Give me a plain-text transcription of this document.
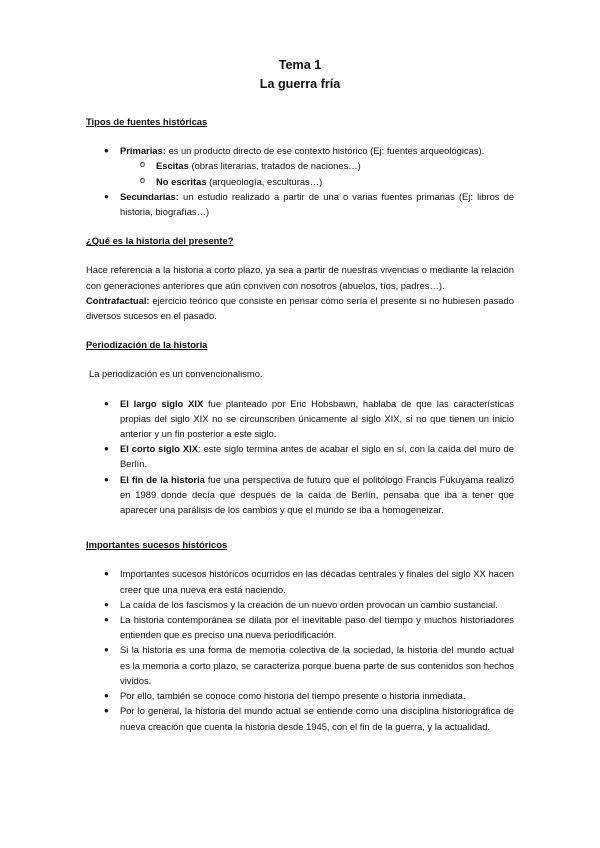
Tema 1
La guerra fría
Tipos de fuentes históricas
● Primarias: es un producto directo de ese contexto histórico (Ej: fuentes arqueológicas).
o Escitas (obras literarias, tratados de naciones…)
o No escritas (arqueología, esculturas…)
● Secundarias: un estudio realizado a partir de una o varias fuentes primarias (Ej: libros de historia, biografías…)
¿Qué es la historia del presente?

Hace referencia a la historia a corto plazo, ya sea a partir de nuestras vivencias o mediante la relación con generaciones anteriores que aún conviven con nosotros (abuelos, tíos, padres…).

Contrafactual: ejercicio teórico que consiste en pensar cómo sería el presente si no hubiesen pasado diversos sucesos en el pasado.

Periodización de la historia

La periodización es un convencionalismo.

● El largo siglo XIX fue planteado por Eric Hobsbawn, hablaba de que las características propias del siglo XIX no se circunscriben únicamente al siglo XIX, si no que tienen un inicio anterior y un fin posterior a este siglo.
● El corto siglo XIX: este siglo termina antes de acabar el siglo en sí, con la caída del muro de Berlín.
● El fin de la historia fue una perspectiva de futuro que el politólogo Francis Fukuyama realizó en 1989 donde decía que después de la caída de Berlín, pensaba que iba a tener que aparecer una parálisis de los cambios y que el mundo se iba a homogeneizar.
Importantes sucesos históricos
● Importantes sucesos históricos ocurridos en las décadas centrales y finales del siglo XX hacen creer que una nueva era está naciendo.
● La caída de los fascismos y la creación de un nuevo orden provocan un cambio sustancial.
● La historia contemporánea se dilata por el inevitable paso del tiempo y muchos historiadores entienden que es preciso una nueva periodificación.
● Si la historia es una forma de memoria colectiva de la sociedad, la historia del mundo actual es la memoria a corto plazo, se caracteriza porque buena parte de sus contenidos son hechos vividos.
● Por ello, también se conoce como historia del tiempo presente o historia inmediata.
● Por lo general, la historia del mundo actual se entiende como una disciplina historiográfica de nueva creación que cuenta la historia desde 1945, con el fin de la guerra, y la actualidad.
